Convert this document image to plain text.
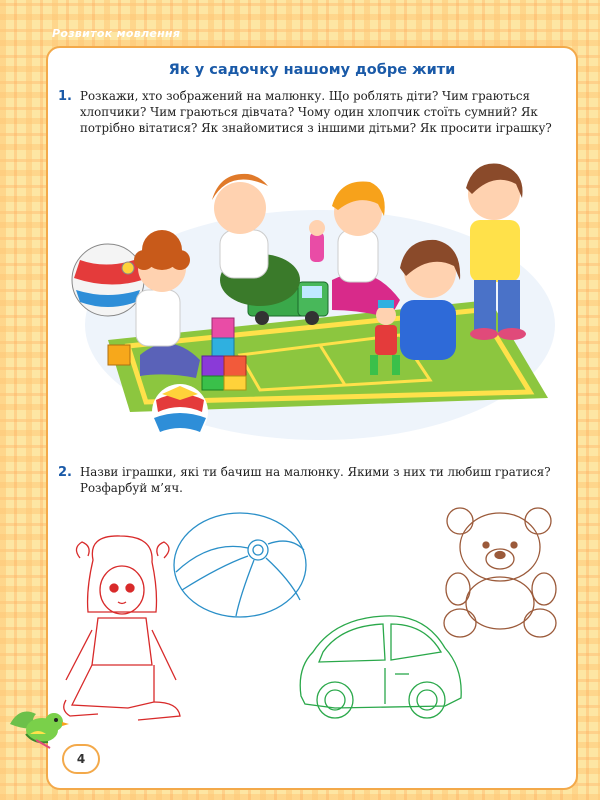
Розвиток мовлення
Як у садочку нашому добре жити
1. Розкажи, хто зображений на малюнку. Що роблять діти? Чим граються
хлопчики? Чим граються дівчата? Чому один хлопчик стоїть сумний? Як
потрібно вітатися? Як знайомитися з іншими дітьми? Як просити іграшку?
2. Назви іграшки, які ти бачиш на малюнку. Якими з них ти любиш гратися?
Розфарбуй м’яч.
4
